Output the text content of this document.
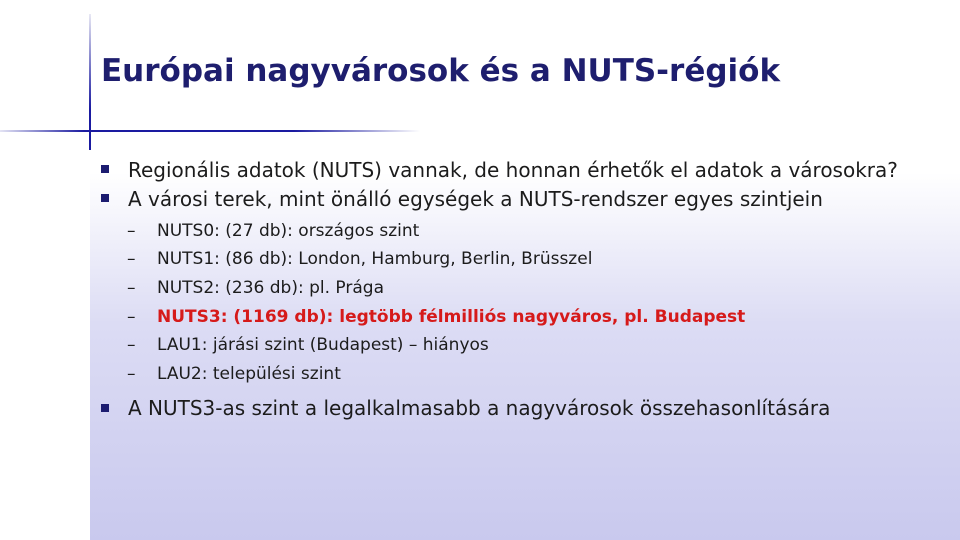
Európai nagyvárosok és a NUTS-régiók
Regionális adatok (NUTS) vannak, de honnan érhetők el adatok a városokra?
A városi terek, mint önálló egységek a NUTS-rendszer egyes szintjein
– NUTS0: (27 db): országos szint
– NUTS1: (86 db): London, Hamburg, Berlin, Brüsszel
– NUTS2: (236 db): pl. Prága
– NUTS3: (1169 db): legtöbb félmilliós nagyváros, pl. Budapest
– LAU1: járási szint (Budapest) – hiányos
– LAU2: települési szint
A NUTS3-as szint a legalkalmasabb a nagyvárosok összehasonlítására
